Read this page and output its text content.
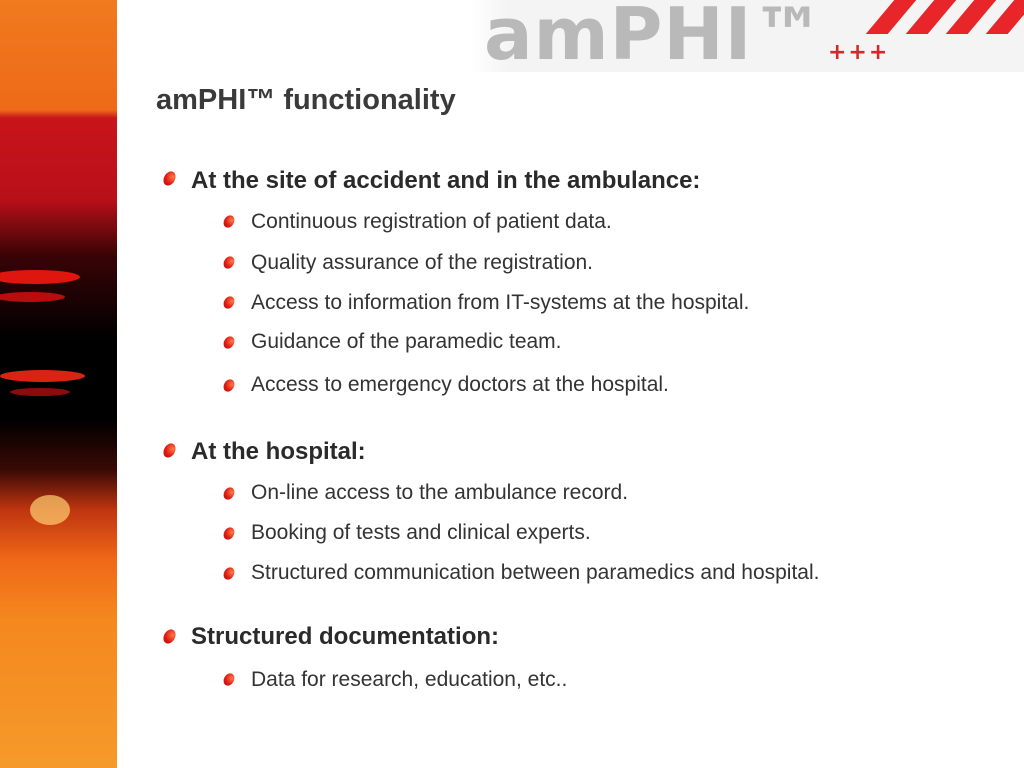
amPHI™ +++
amPHI™ functionality
At the site of accident and in the ambulance:
Continuous registration of patient data.
Quality assurance of the registration.
Access to information from IT-systems at the hospital.
Guidance of the paramedic team.
Access to emergency doctors at the hospital.
At the hospital:
On-line access to the ambulance record.
Booking of tests and clinical experts.
Structured communication between paramedics and hospital.
Structured documentation:
Data for research, education, etc..
